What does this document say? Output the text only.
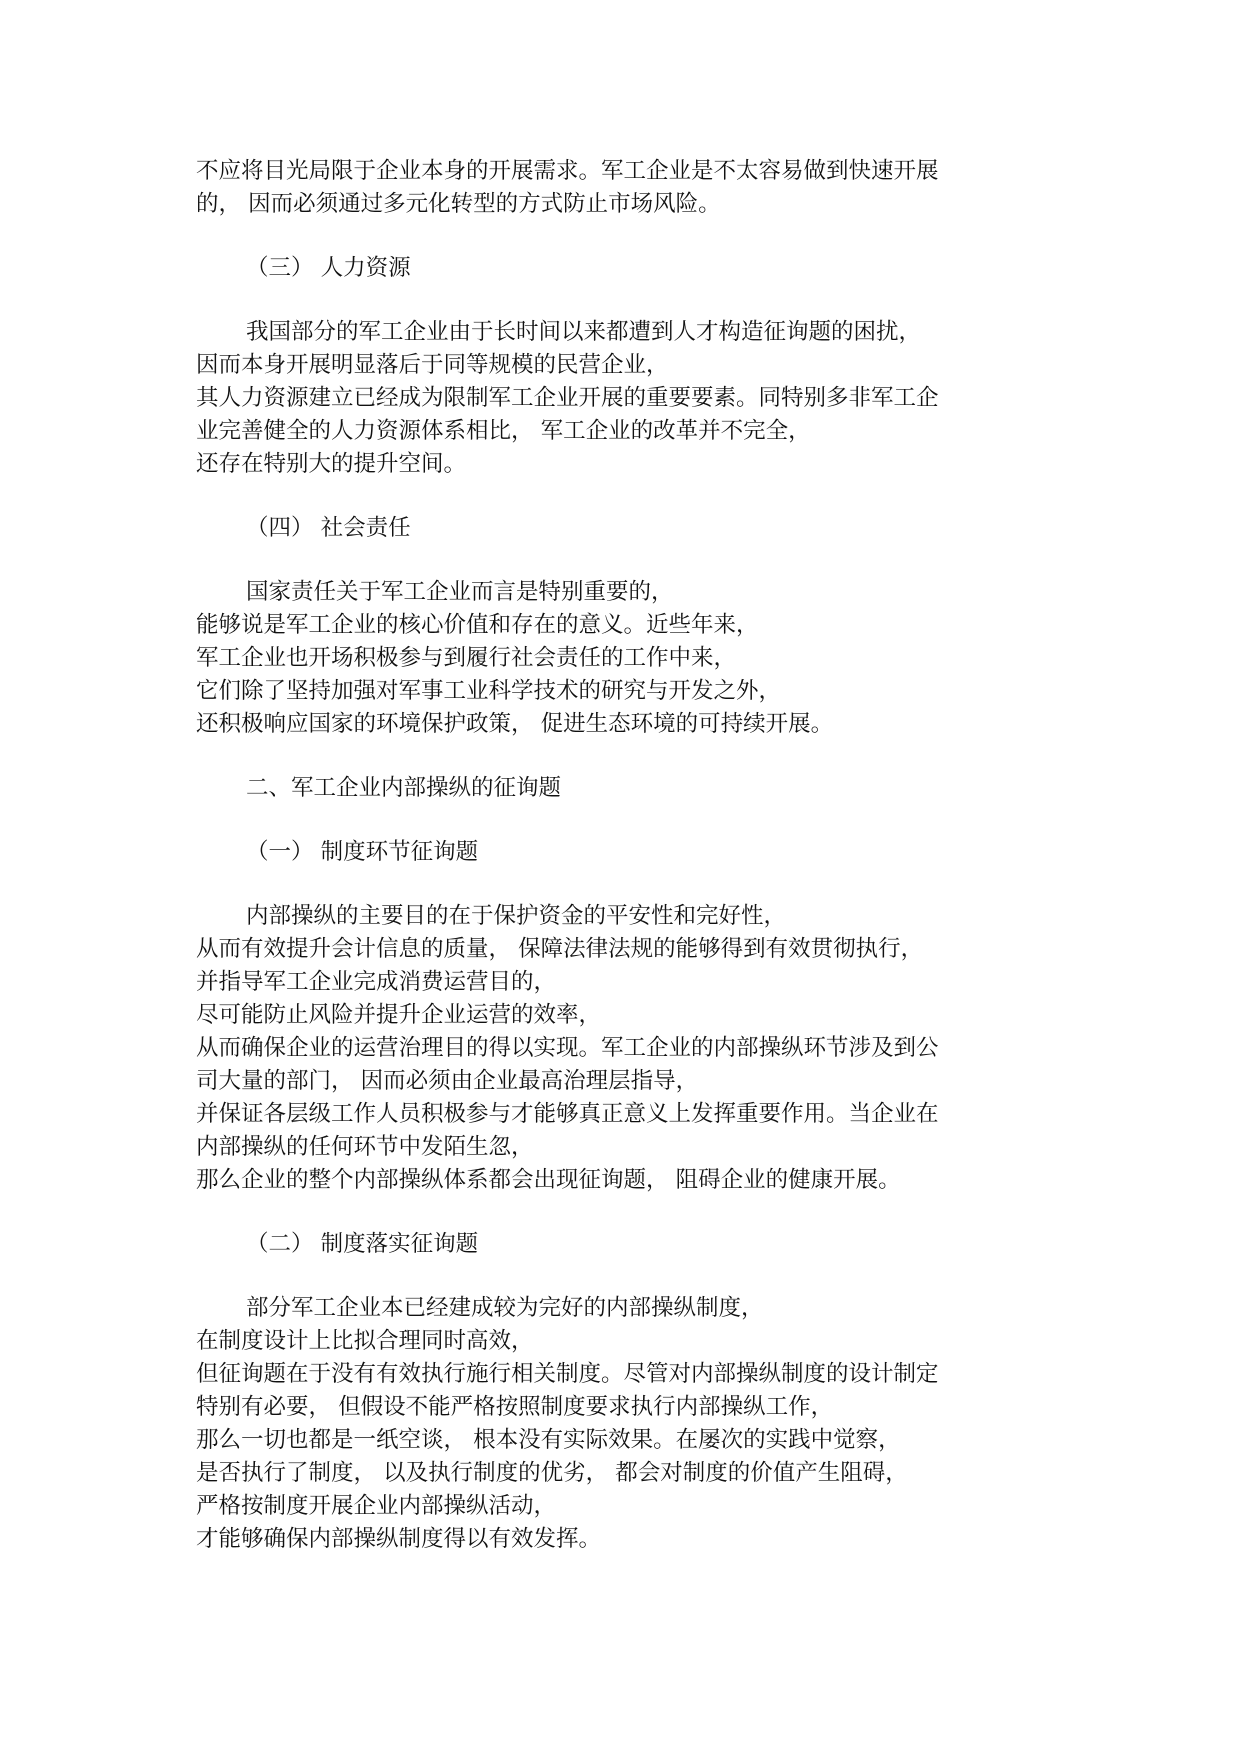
不应将目光局限于企业本身的开展需求。军工企业是不太容易做到快速开展
的， 因而必须通过多元化转型的方式防止市场风险。
（三） 人力资源
我国部分的军工企业由于长时间以来都遭到人才构造征询题的困扰，
因而本身开展明显落后于同等规模的民营企业，
其人力资源建立已经成为限制军工企业开展的重要要素。同特别多非军工企
业完善健全的人力资源体系相比， 军工企业的改革并不完全，
还存在特别大的提升空间。
（四） 社会责任
国家责任关于军工企业而言是特别重要的，
能够说是军工企业的核心价值和存在的意义。近些年来，
军工企业也开场积极参与到履行社会责任的工作中来，
它们除了坚持加强对军事工业科学技术的研究与开发之外，
还积极响应国家的环境保护政策， 促进生态环境的可持续开展。
二、军工企业内部操纵的征询题
（一） 制度环节征询题
内部操纵的主要目的在于保护资金的平安性和完好性，
从而有效提升会计信息的质量， 保障法律法规的能够得到有效贯彻执行，
并指导军工企业完成消费运营目的，
尽可能防止风险并提升企业运营的效率，
从而确保企业的运营治理目的得以实现。军工企业的内部操纵环节涉及到公
司大量的部门， 因而必须由企业最高治理层指导，
并保证各层级工作人员积极参与才能够真正意义上发挥重要作用。当企业在
内部操纵的任何环节中发陌生忽，
那么企业的整个内部操纵体系都会出现征询题， 阻碍企业的健康开展。
（二） 制度落实征询题
部分军工企业本已经建成较为完好的内部操纵制度，
在制度设计上比拟合理同时高效，
但征询题在于没有有效执行施行相关制度。尽管对内部操纵制度的设计制定
特别有必要， 但假设不能严格按照制度要求执行内部操纵工作，
那么一切也都是一纸空谈， 根本没有实际效果。在屡次的实践中觉察，
是否执行了制度， 以及执行制度的优劣， 都会对制度的价值产生阻碍，
严格按制度开展企业内部操纵活动，
才能够确保内部操纵制度得以有效发挥。
